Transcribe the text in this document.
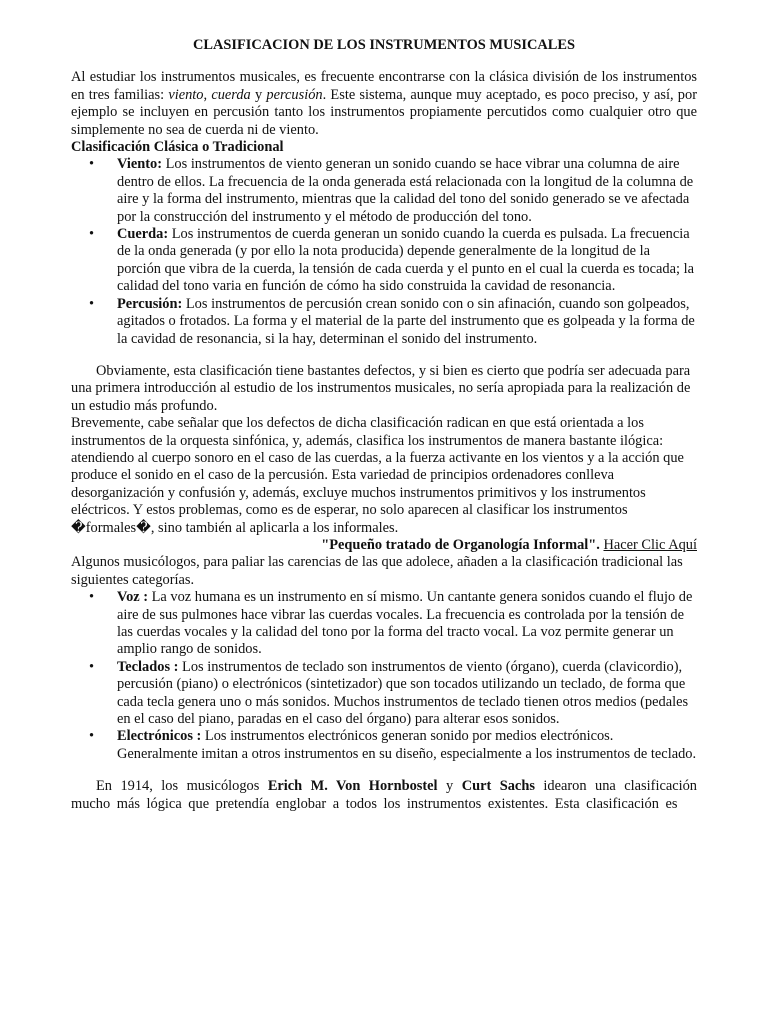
CLASIFICACION DE LOS INSTRUMENTOS MUSICALES

Al estudiar los instrumentos musicales, es frecuente encontrarse con la clásica división de los instrumentos en tres familias: viento, cuerda y percusión. Este sistema, aunque muy aceptado, es poco preciso, y así, por ejemplo se incluyen en percusión tanto los instrumentos propiamente percutidos como cualquier otro que simplemente no sea de cuerda ni de viento.

Clasificación Clásica o Tradicional

• Viento: Los instrumentos de viento generan un sonido cuando se hace vibrar una columna de aire dentro de ellos. La frecuencia de la onda generada está relacionada con la longitud de la columna de aire y la forma del instrumento, mientras que la calidad del tono del sonido generado se ve afectada por la construcción del instrumento y el método de producción del tono.
• Cuerda: Los instrumentos de cuerda generan un sonido cuando la cuerda es pulsada. La frecuencia de la onda generada (y por ello la nota producida) depende generalmente de la longitud de la porción que vibra de la cuerda, la tensión de cada cuerda y el punto en el cual la cuerda es tocada; la calidad del tono varia en función de cómo ha sido construida la cavidad de resonancia.
• Percusión: Los instrumentos de percusión crean sonido con o sin afinación, cuando son golpeados, agitados o frotados. La forma y el material de la parte del instrumento que es golpeada y la forma de la cavidad de resonancia, si la hay, determinan el sonido del instrumento.

Obviamente, esta clasificación tiene bastantes defectos, y si bien es cierto que podría ser adecuada para una primera introducción al estudio de los instrumentos musicales, no sería apropiada para la realización de un estudio más profundo.

Brevemente, cabe señalar que los defectos de dicha clasificación radican en que está orientada a los instrumentos de la orquesta sinfónica, y, además, clasifica los instrumentos de manera bastante ilógica: atendiendo al cuerpo sonoro en el caso de las cuerdas, a la fuerza activante en los vientos y a la acción que produce el sonido en el caso de la percusión. Esta variedad de principios ordenadores conlleva desorganización y confusión y, además, excluye muchos instrumentos primitivos y los instrumentos eléctricos. Y estos problemas, como es de esperar, no solo aparecen al clasificar los instrumentos �formales�, sino también al aplicarla a los informales.

"Pequeño tratado de Organología Informal". Hacer Clic Aquí

Algunos musicólogos, para paliar las carencias de las que adolece, añaden a la clasificación tradicional las siguientes categorías.

• Voz : La voz humana es un instrumento en sí mismo. Un cantante genera sonidos cuando el flujo de aire de sus pulmones hace vibrar las cuerdas vocales. La frecuencia es controlada por la tensión de las cuerdas vocales y la calidad del tono por la forma del tracto vocal. La voz permite generar un amplio rango de sonidos.
• Teclados : Los instrumentos de teclado son instrumentos de viento (órgano), cuerda (clavicordio), percusión (piano) o electrónicos (sintetizador) que son tocados utilizando un teclado, de forma que cada tecla genera uno o más sonidos. Muchos instrumentos de teclado tienen otros medios (pedales en el caso del piano, paradas en el caso del órgano) para alterar esos sonidos.
• Electrónicos : Los instrumentos electrónicos generan sonido por medios electrónicos. Generalmente imitan a otros instrumentos en su diseño, especialmente a los instrumentos de teclado.

En 1914, los musicólogos Erich M. Von Hornbostel y Curt Sachs idearon una clasificación mucho más lógica que pretendía englobar a todos los instrumentos existentes. Esta clasificación es
